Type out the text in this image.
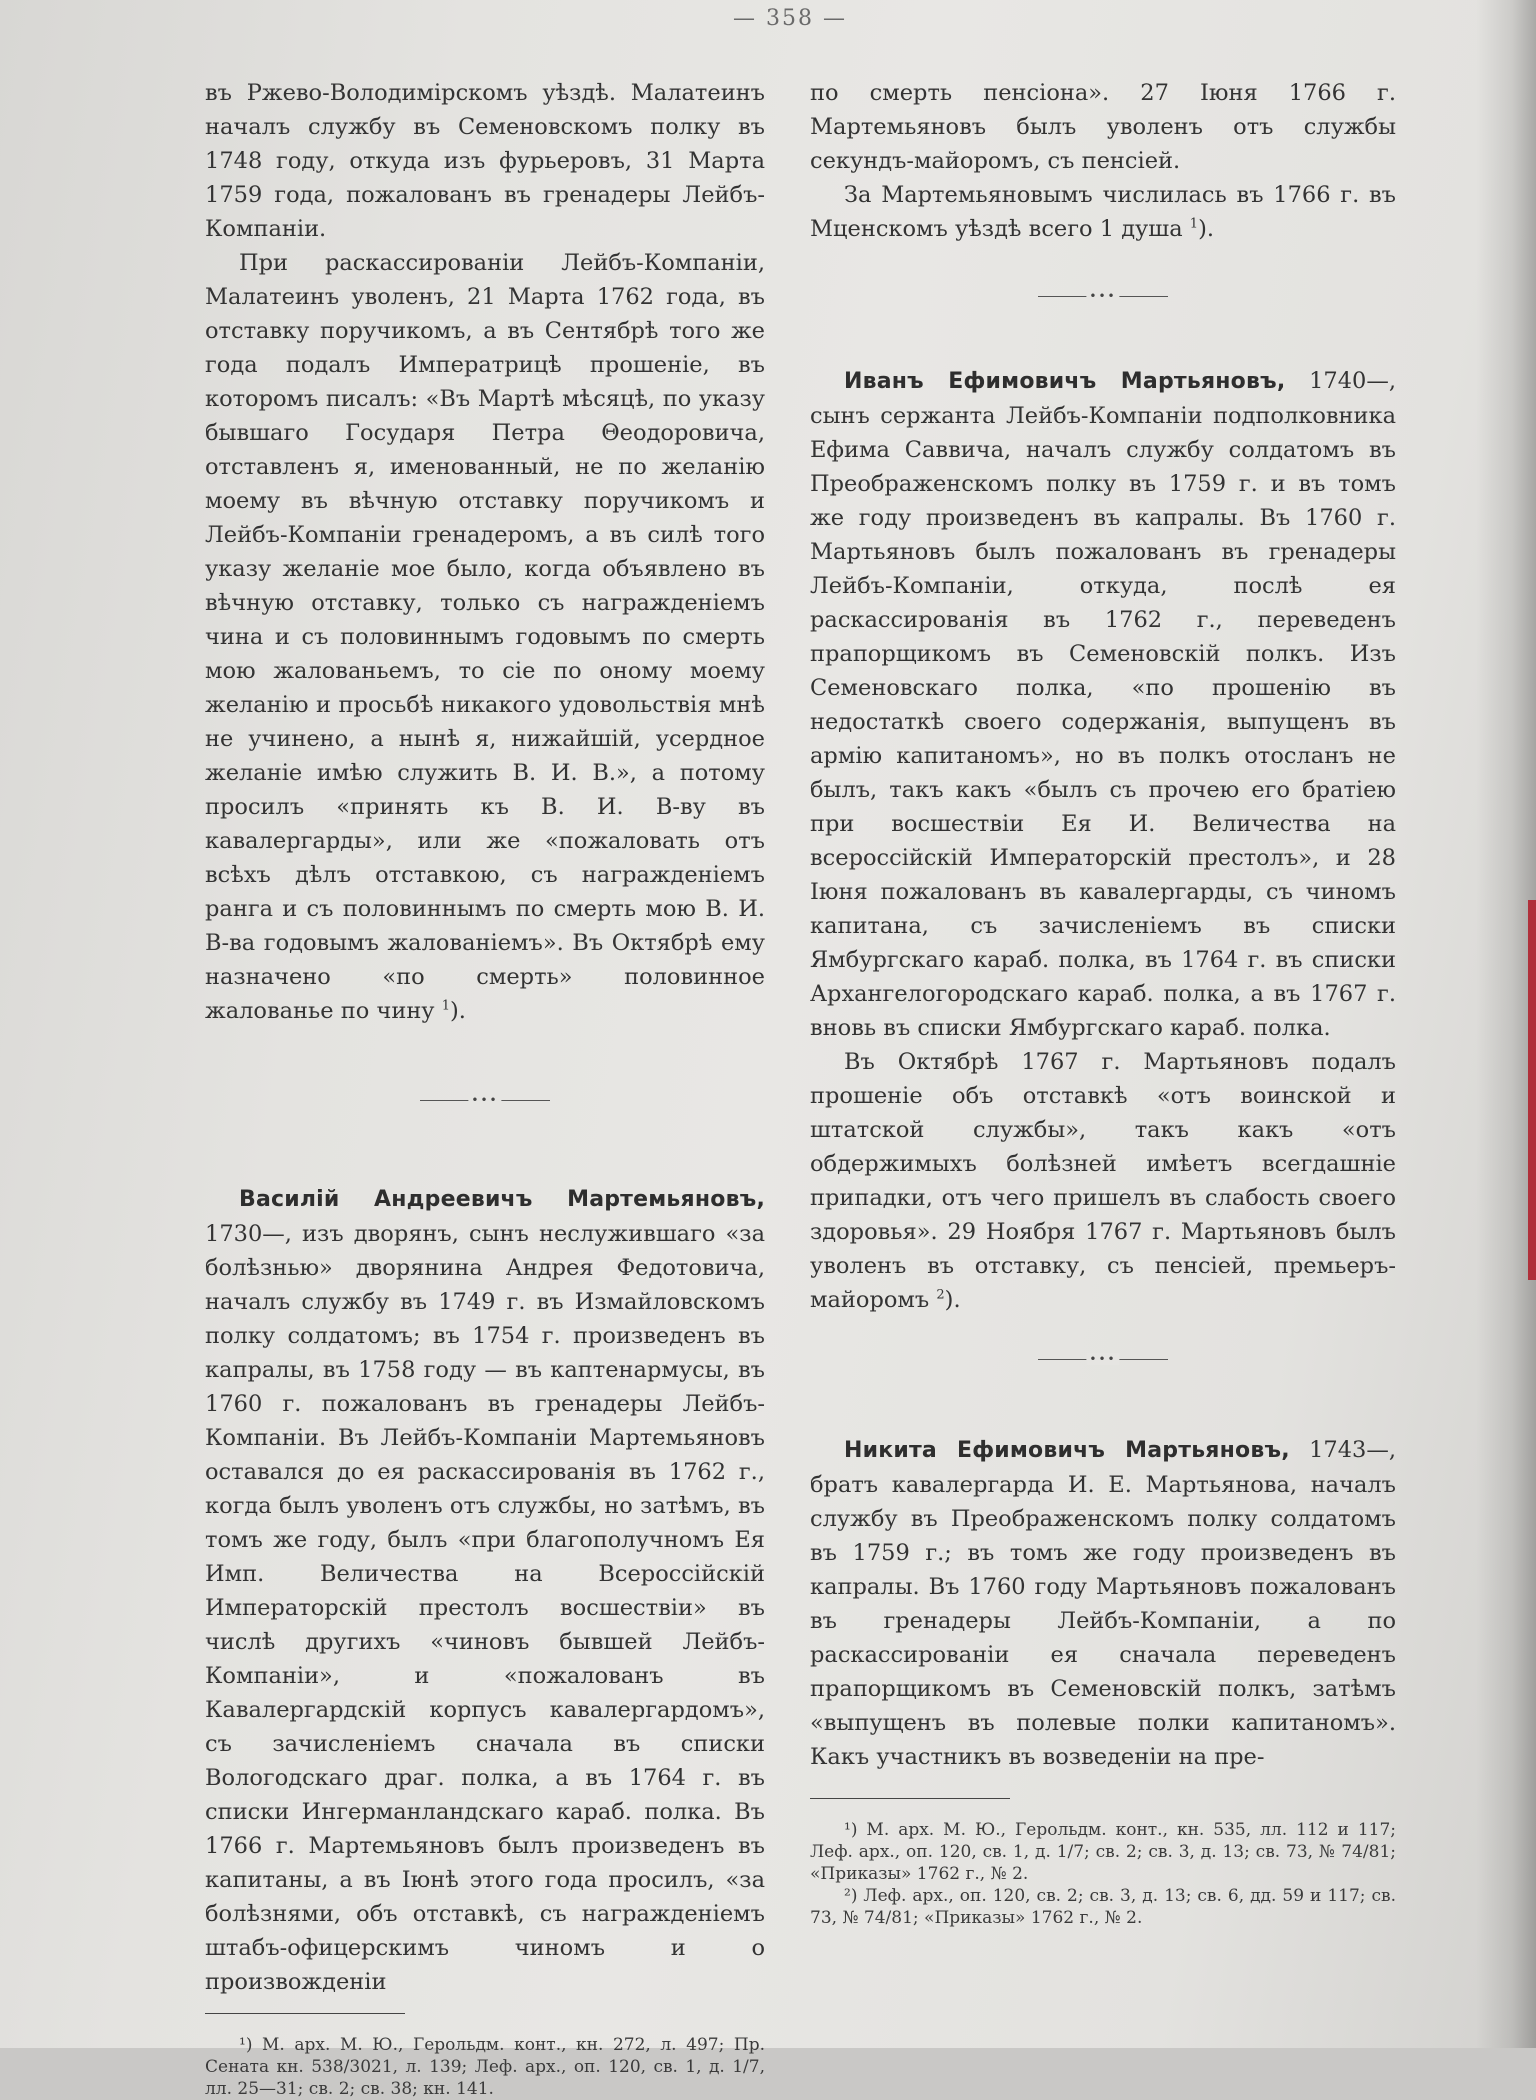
— 358 —

въ Ржево-Володимірскомъ уѣздѣ. Малатеинъ началъ службу въ Семеновскомъ полку въ 1748 году, откуда изъ фурьеровъ, 31 Марта 1759 года, пожалованъ въ гренадеры Лейбъ-Компаніи.

При раскассированіи Лейбъ-Компаніи, Малатеинъ уволенъ, 21 Марта 1762 года, въ отставку поручикомъ, а въ Сентябрѣ того же года подалъ Императрицѣ прошеніе, въ которомъ писалъ: «Въ Мартѣ мѣсяцѣ, по указу бывшаго Государя Петра Θеодоровича, отставленъ я, именованный, не по желанію моему въ вѣчную отставку поручикомъ и Лейбъ-Компаніи гренадеромъ, а въ силѣ того указу желаніе мое было, когда объявлено въ вѣчную отставку, только съ награжденіемъ чина и съ половиннымъ годовымъ по смерть мою жалованьемъ, то сіе по оному моему желанію и просьбѣ никакого удовольствія мнѣ не учинено, а нынѣ я, нижайшій, усердное желаніе имѣю служить В. И. В.», а потому просилъ «принять къ В. И. В-ву въ кавалергарды», или же «пожаловать отъ всѣхъ дѣлъ отставкою, съ награжденіемъ ранга и съ половиннымъ по смерть мою В. И. В-ва годовымъ жалованіемъ». Въ Октябрѣ ему назначено «по смерть» половинное жалованье по чину $^1$).

•••

Василій Андреевичъ Мартемьяновъ, 1730—, изъ дворянъ, сынъ неслужившаго «за болѣзнью» дворянина Андрея Федотовича, началъ службу въ 1749 г. въ Измайловскомъ полку солдатомъ; въ 1754 г. произведенъ въ капралы, въ 1758 году — въ каптенармусы, въ 1760 г. пожалованъ въ гренадеры Лейбъ-Компаніи. Въ Лейбъ-Компаніи Мартемьяновъ оставался до ея раскассированія въ 1762 г., когда былъ уволенъ отъ службы, но затѣмъ, въ томъ же году, былъ «при благополучномъ Ея Имп. Величества на Всероссійскій Императорскій престолъ восшествіи» въ числѣ другихъ «чиновъ бывшей Лейбъ-Компаніи», и «пожалованъ въ Кавалергардскій корпусъ кавалергардомъ», съ зачисленіемъ сначала въ списки Вологодскаго драг. полка, а въ 1764 г. въ списки Ингерманландскаго караб. полка. Въ 1766 г. Мартемьяновъ былъ произведенъ въ капитаны, а въ Іюнѣ этого года просилъ, «за болѣзнями, объ отставкѣ, съ награжденіемъ штабъ-офицерскимъ чиномъ и о произвожденіи

¹) М. арх. М. Ю., Герольдм. конт., кн. 272, л. 497; Пр. Сената кн. 538/3021, л. 139; Леф. арх., оп. 120, св. 1, д. 1/7, лл. 25—31; св. 2; св. 38; кн. 141.

по смерть пенсіона». 27 Іюня 1766 г. Мартемьяновъ былъ уволенъ отъ службы секундъ-майоромъ, съ пенсіей.

За Мартемьяновымъ числилась въ 1766 г. въ Мценскомъ уѣздѣ всего 1 душа $^1$).

•••

Иванъ Ефимовичъ Мартьяновъ, 1740—, сынъ сержанта Лейбъ-Компаніи подполковника Ефима Саввича, началъ службу солдатомъ въ Преображенскомъ полку въ 1759 г. и въ томъ же году произведенъ въ капралы. Въ 1760 г. Мартьяновъ былъ пожалованъ въ гренадеры Лейбъ-Компаніи, откуда, послѣ ея раскассированія въ 1762 г., переведенъ прапорщикомъ въ Семеновскій полкъ. Изъ Семеновскаго полка, «по прошенію въ недостаткѣ своего содержанія, выпущенъ въ армію капитаномъ», но въ полкъ отосланъ не былъ, такъ какъ «былъ съ прочею его братіею при восшествіи Ея И. Величества на всероссійскій Императорскій престолъ», и 28 Іюня пожалованъ въ кавалергарды, съ чиномъ капитана, съ зачисленіемъ въ списки Ямбургскаго караб. полка, въ 1764 г. въ списки Архангелогородскаго караб. полка, а въ 1767 г. вновь въ списки Ямбургскаго караб. полка.

Въ Октябрѣ 1767 г. Мартьяновъ подалъ прошеніе объ отставкѣ «отъ воинской и штатской службы», такъ какъ «отъ обдержимыхъ болѣзней имѣетъ всегдашніе припадки, отъ чего пришелъ въ слабость своего здоровья». 29 Ноября 1767 г. Мартьяновъ былъ уволенъ въ отставку, съ пенсіей, премьеръ-майоромъ $^2$).

•••

Никита Ефимовичъ Мартьяновъ, 1743—, братъ кавалергарда И. Е. Мартьянова, началъ службу въ Преображенскомъ полку солдатомъ въ 1759 г.; въ томъ же году произведенъ въ капралы. Въ 1760 году Мартьяновъ пожалованъ въ гренадеры Лейбъ-Компаніи, а по раскассированіи ея сначала переведенъ прапорщикомъ въ Семеновскій полкъ, затѣмъ «выпущенъ въ полевые полки капитаномъ». Какъ участникъ въ возведеніи на пре-

¹) М. арх. М. Ю., Герольдм. конт., кн. 535, лл. 112 и 117; Леф. арх., оп. 120, св. 1, д. 1/7; св. 2; св. 3, д. 13; св. 73, № 74/81; «Приказы» 1762 г., № 2.

²) Леф. арх., оп. 120, св. 2; св. 3, д. 13; св. 6, дд. 59 и 117; св. 73, № 74/81; «Приказы» 1762 г., № 2.
